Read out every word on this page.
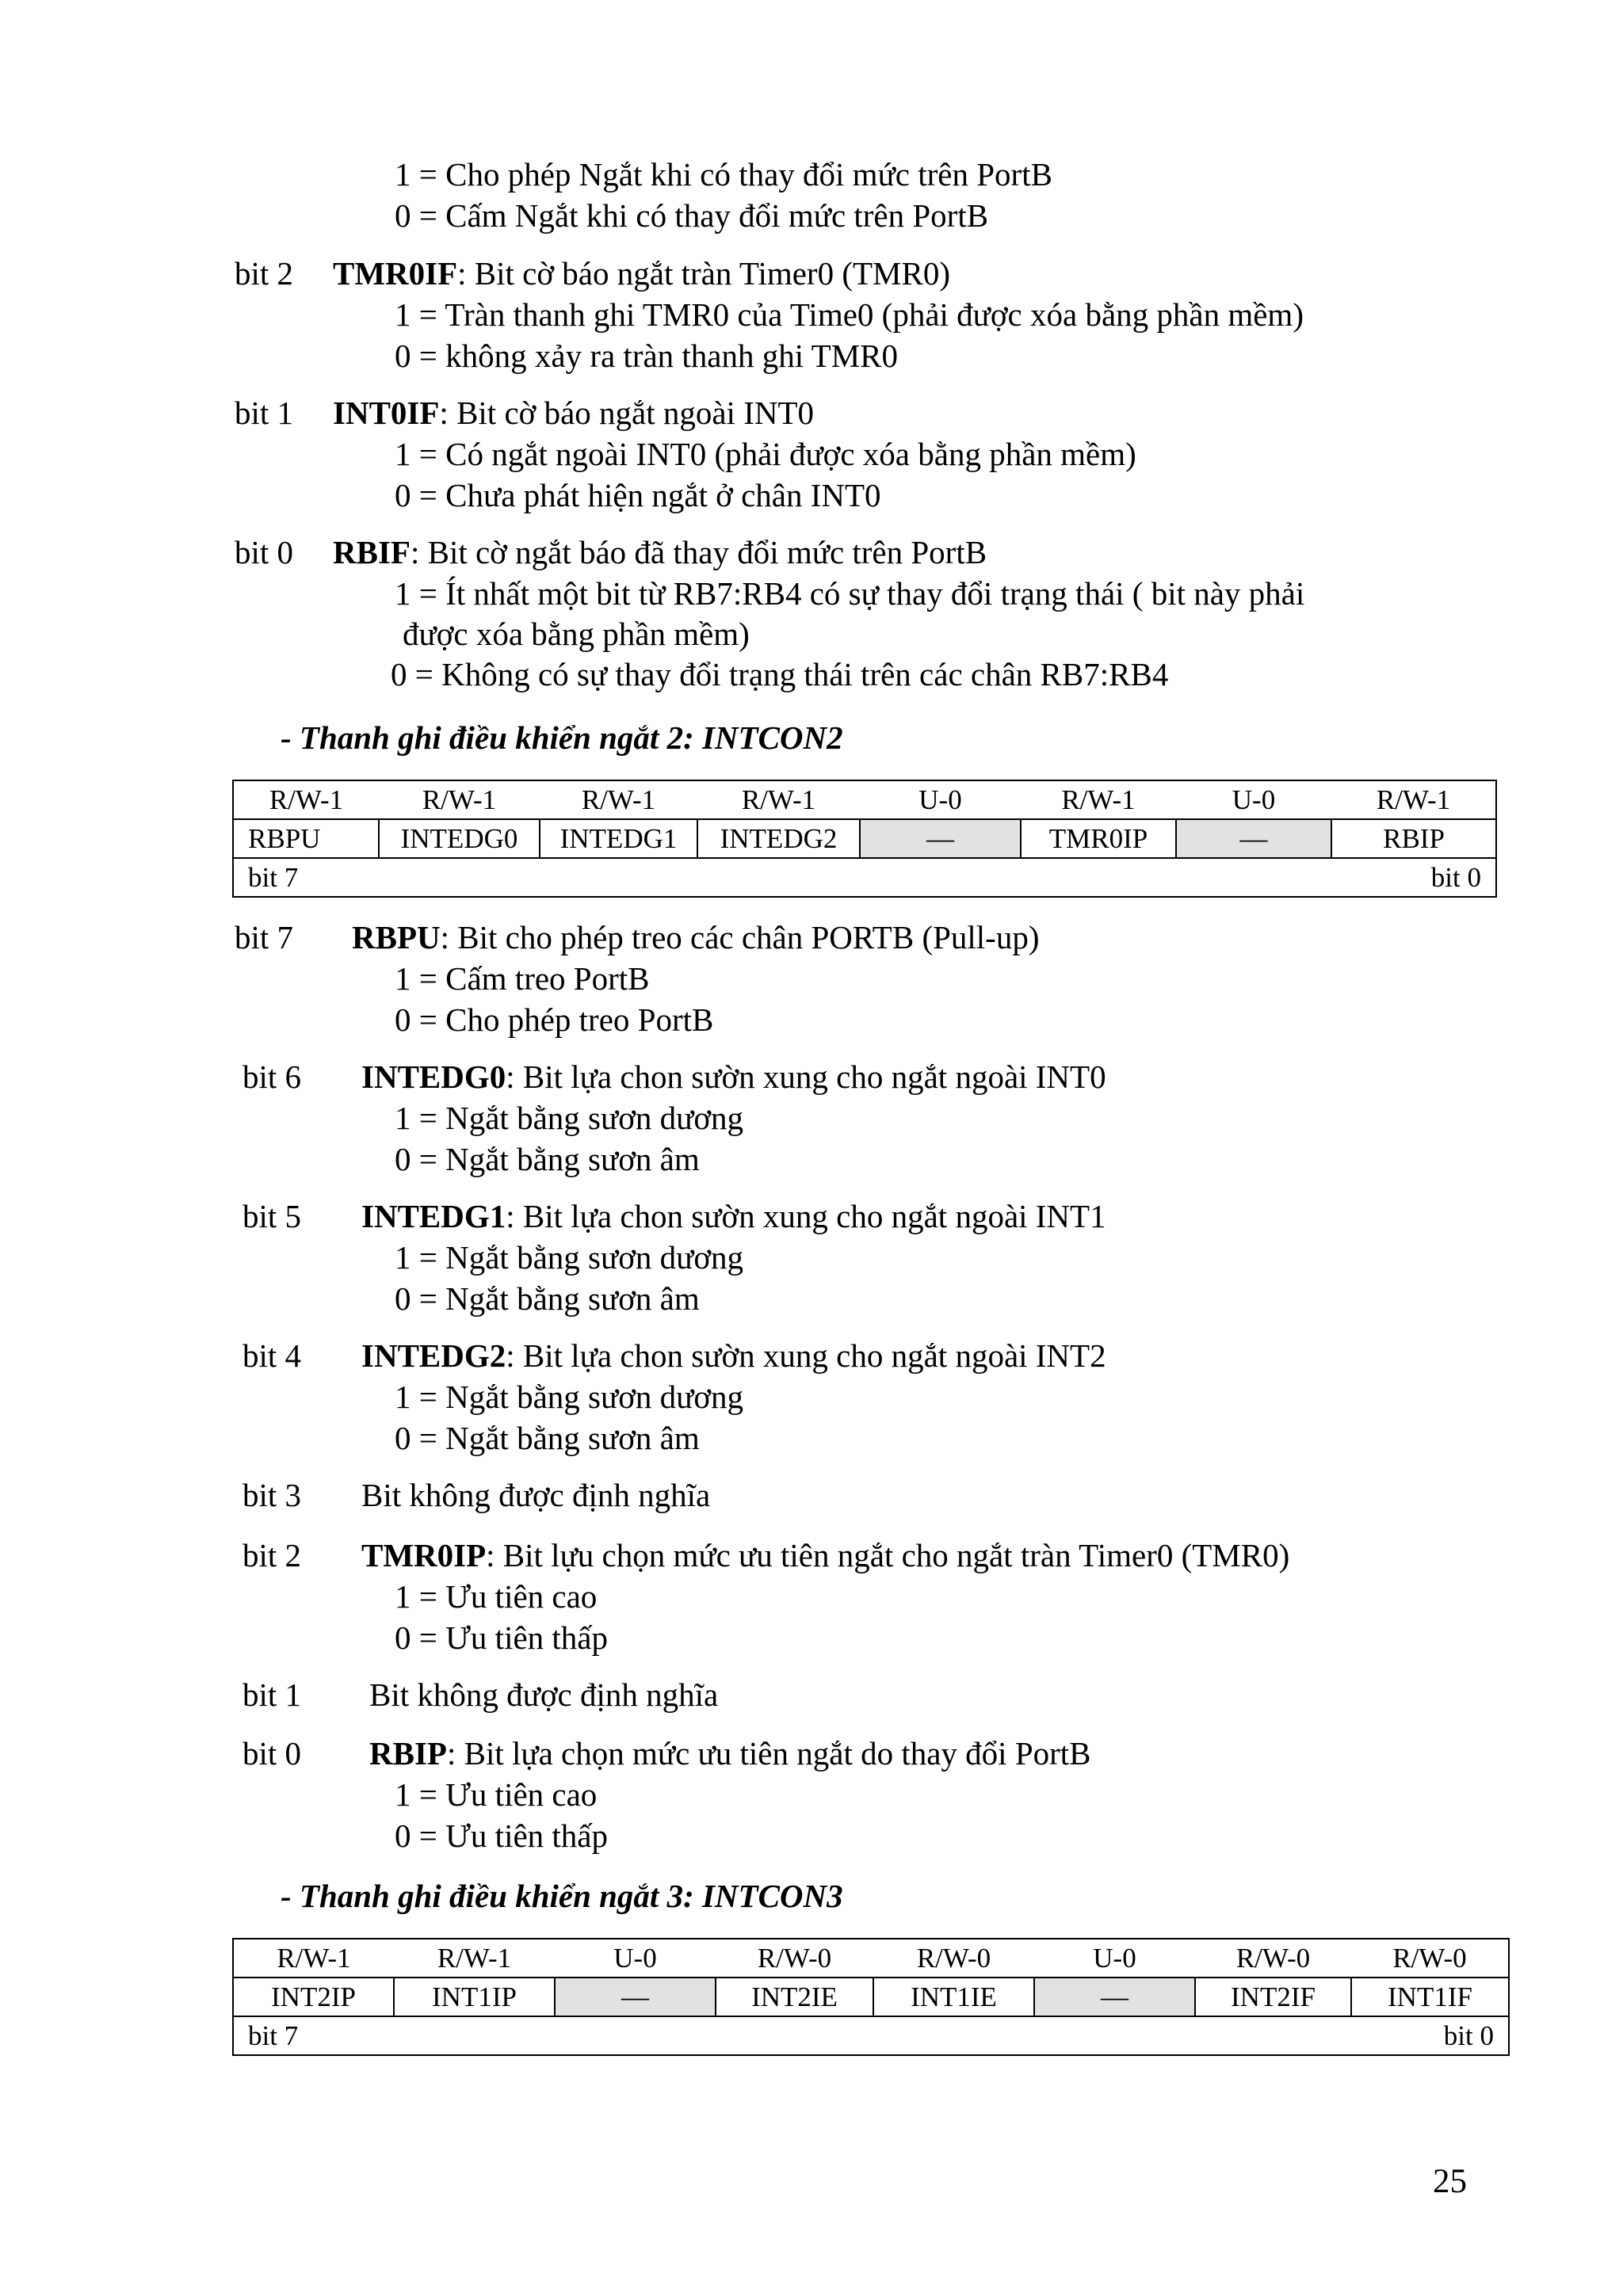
1 = Cho phép Ngắt khi có thay đổi mức trên PortB
0 = Cấm Ngắt khi có thay đổi mức trên PortB
bit 2 TMR0IF: Bit cờ báo ngắt tràn Timer0 (TMR0)
1 = Tràn thanh ghi TMR0 của Time0 (phải được xóa bằng phần mềm)
0 = không xảy ra tràn thanh ghi TMR0
bit 1 INT0IF: Bit cờ báo ngắt ngoài INT0
1 = Có ngắt ngoài INT0 (phải được xóa bằng phần mềm)
0 = Chưa phát hiện ngắt ở chân INT0
bit 0 RBIF: Bit cờ ngắt báo đã thay đổi mức trên PortB
1 = Ít nhất một bit từ RB7:RB4 có sự thay đổi trạng thái ( bit này phải
được xóa bằng phần mềm)
0 = Không có sự thay đổi trạng thái trên các chân RB7:RB4
- Thanh ghi điều khiển ngắt 2: INTCON2
R/W-1	R/W-1	R/W-1	R/W-1	U-0	R/W-1	U-0	R/W-1
RBPU	INTEDG0	INTEDG1	INTEDG2	—	TMR0IP	—	RBIP
bit 7				bit 0			
bit 7 RBPU: Bit cho phép treo các chân PORTB (Pull-up)
1 = Cấm treo PortB
0 = Cho phép treo PortB
bit 6 INTEDG0: Bit lựa chon sườn xung cho ngắt ngoài INT0
1 = Ngắt bằng sươn dương
0 = Ngắt bằng sươn âm
bit 5 INTEDG1: Bit lựa chon sườn xung cho ngắt ngoài INT1
1 = Ngắt bằng sươn dương
0 = Ngắt bằng sươn âm
bit 4 INTEDG2: Bit lựa chon sườn xung cho ngắt ngoài INT2
1 = Ngắt bằng sươn dương
0 = Ngắt bằng sươn âm
bit 3 Bit không được định nghĩa
bit 2 TMR0IP: Bit lựu chọn mức ưu tiên ngắt cho ngắt tràn Timer0 (TMR0)
1 = Ưu tiên cao
0 = Ưu tiên thấp
bit 1 Bit không được định nghĩa
bit 0 RBIP: Bit lựa chọn mức ưu tiên ngắt do thay đổi PortB
1 = Ưu tiên cao
0 = Ưu tiên thấp
- Thanh ghi điều khiển ngắt 3: INTCON3
R/W-1	R/W-1	U-0	R/W-0	R/W-0	U-0	R/W-0	R/W-0
INT2IP	INT1IP	—	INT2IE	INT1IE	—	INT2IF	INT1IF
bit 7				bit 0			
25
